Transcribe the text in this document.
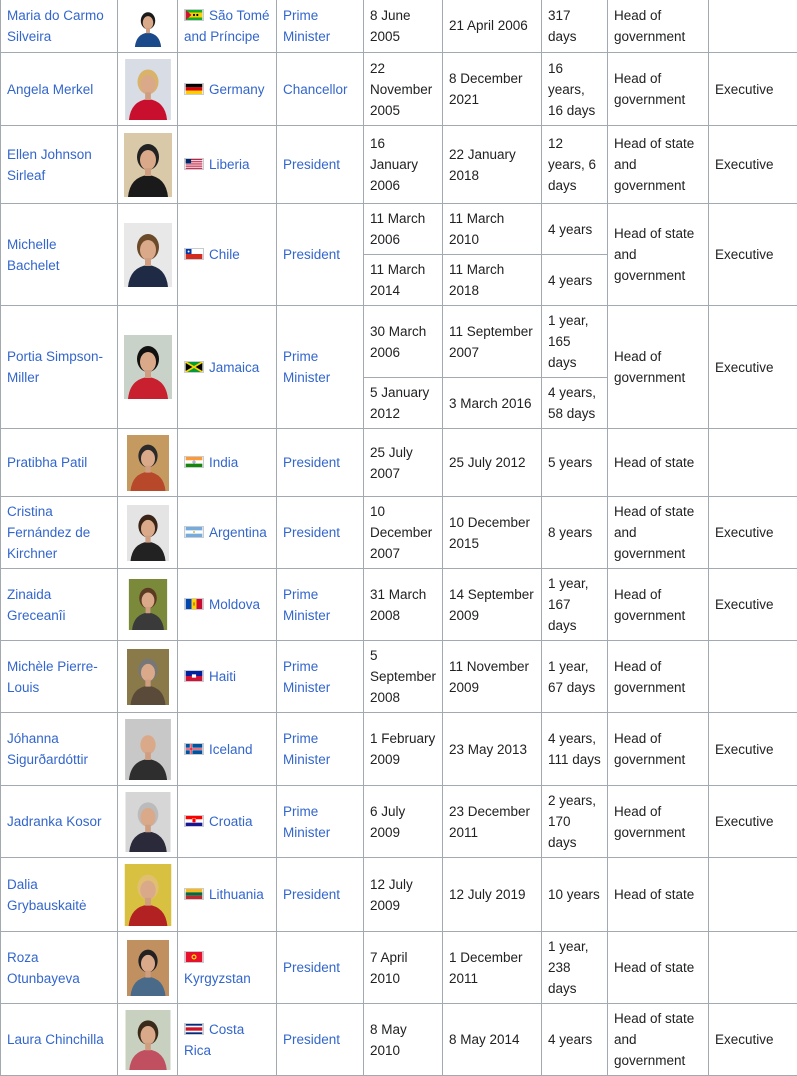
Maria do Carmo Silveira		São Tomé and Príncipe	Prime Minister	8 June 2005	21 April 2006	317 days	Head of government	
Angela Merkel		Germany	Chancellor	22 November 2005	8 December 2021	16 years, 16 days	Head of government	Executive
Ellen Johnson Sirleaf		Liberia	President	16 January 2006	22 January 2018	12 years, 6 days	Head of state and government	Executive
Michelle Bachelet		Chile	President	11 March 2006	11 March 2010	4 years	Head of state and government	Executive
				11 March 2014	11 March 2018	4 years		
Portia Simpson-Miller		Jamaica	Prime Minister	30 March 2006	11 September 2007	1 year, 165 days	Head of government	Executive
				5 January 2012	3 March 2016	4 years, 58 days		
Pratibha Patil		India	President	25 July 2007	25 July 2012	5 years	Head of state	
Cristina Fernández de Kirchner		Argentina	President	10 December 2007	10 December 2015	8 years	Head of state and government	Executive
Zinaida Greceanîi		Moldova	Prime Minister	31 March 2008	14 September 2009	1 year, 167 days	Head of government	Executive
Michèle Pierre-Louis		Haiti	Prime Minister	5 September 2008	11 November 2009	1 year, 67 days	Head of government	
Jóhanna Sigurðardóttir		Iceland	Prime Minister	1 February 2009	23 May 2013	4 years, 111 days	Head of government	Executive
Jadranka Kosor		Croatia	Prime Minister	6 July 2009	23 December 2011	2 years, 170 days	Head of government	Executive
Dalia Grybauskaitė		Lithuania	President	12 July 2009	12 July 2019	10 years	Head of state	
Roza Otunbayeva		Kyrgyzstan	President	7 April 2010	1 December 2011	1 year, 238 days	Head of state	
Laura Chinchilla		Costa Rica	President	8 May 2010	8 May 2014	4 years	Head of state and government	Executive
